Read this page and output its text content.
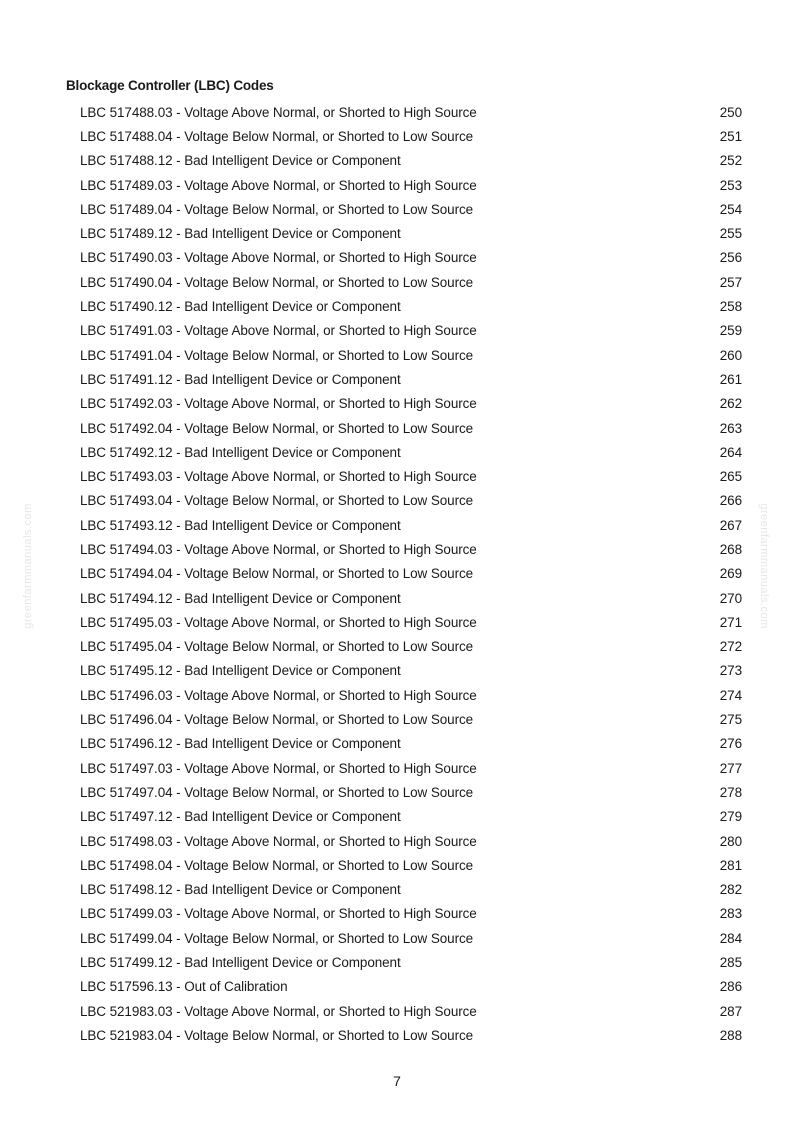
Blockage Controller (LBC) Codes
LBC 517488.03 - Voltage Above Normal, or Shorted to High Source	250
LBC 517488.04 - Voltage Below Normal, or Shorted to Low Source	251
LBC 517488.12 - Bad Intelligent Device or Component	252
LBC 517489.03 - Voltage Above Normal, or Shorted to High Source	253
LBC 517489.04 - Voltage Below Normal, or Shorted to Low Source	254
LBC 517489.12 - Bad Intelligent Device or Component	255
LBC 517490.03 - Voltage Above Normal, or Shorted to High Source	256
LBC 517490.04 - Voltage Below Normal, or Shorted to Low Source	257
LBC 517490.12 - Bad Intelligent Device or Component	258
LBC 517491.03 - Voltage Above Normal, or Shorted to High Source	259
LBC 517491.04 - Voltage Below Normal, or Shorted to Low Source	260
LBC 517491.12 - Bad Intelligent Device or Component	261
LBC 517492.03 - Voltage Above Normal, or Shorted to High Source	262
LBC 517492.04 - Voltage Below Normal, or Shorted to Low Source	263
LBC 517492.12 - Bad Intelligent Device or Component	264
LBC 517493.03 - Voltage Above Normal, or Shorted to High Source	265
LBC 517493.04 - Voltage Below Normal, or Shorted to Low Source	266
LBC 517493.12 - Bad Intelligent Device or Component	267
LBC 517494.03 - Voltage Above Normal, or Shorted to High Source	268
LBC 517494.04 - Voltage Below Normal, or Shorted to Low Source	269
LBC 517494.12 - Bad Intelligent Device or Component	270
LBC 517495.03 - Voltage Above Normal, or Shorted to High Source	271
LBC 517495.04 - Voltage Below Normal, or Shorted to Low Source	272
LBC 517495.12 - Bad Intelligent Device or Component	273
LBC 517496.03 - Voltage Above Normal, or Shorted to High Source	274
LBC 517496.04 - Voltage Below Normal, or Shorted to Low Source	275
LBC 517496.12 - Bad Intelligent Device or Component	276
LBC 517497.03 - Voltage Above Normal, or Shorted to High Source	277
LBC 517497.04 - Voltage Below Normal, or Shorted to Low Source	278
LBC 517497.12 - Bad Intelligent Device or Component	279
LBC 517498.03 - Voltage Above Normal, or Shorted to High Source	280
LBC 517498.04 - Voltage Below Normal, or Shorted to Low Source	281
LBC 517498.12 - Bad Intelligent Device or Component	282
LBC 517499.03 - Voltage Above Normal, or Shorted to High Source	283
LBC 517499.04 - Voltage Below Normal, or Shorted to Low Source	284
LBC 517499.12 - Bad Intelligent Device or Component	285
LBC 517596.13 - Out of Calibration	286
LBC 521983.03 - Voltage Above Normal, or Shorted to High Source	287
LBC 521983.04 - Voltage Below Normal, or Shorted to Low Source	288
7
greenfarmmanuals.com	greenfarmmanuals.com
